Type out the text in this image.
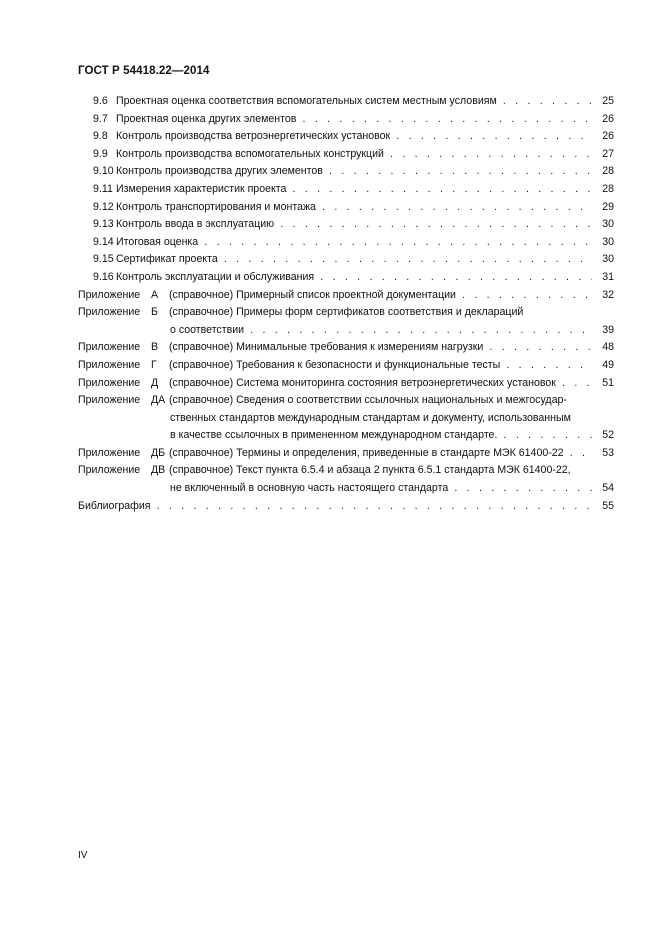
ГОСТ Р 54418.22—2014
9.6 Проектная оценка соответствия вспомогательных систем местным условиям . . .	25
9.7 Проектная оценка других элементов . . .	26
9.8 Контроль производства ветроэнергетических установок . . .	26
9.9 Контроль производства вспомогательных конструкций . . .	27
9.10 Контроль производства других элементов . . .	28
9.11 Измерения характеристик проекта . . .	28
9.12 Контроль транспортирования и монтажа . . .	29
9.13 Контроль ввода в эксплуатацию . . .	30
9.14 Итоговая оценка . . .	30
9.15 Сертификат проекта . . .	30
9.16 Контроль эксплуатации и обслуживания . . .	31
Приложение А (справочное) Примерный список проектной документации . . .	32
Приложение Б (справочное) Примеры форм сертификатов соответствия и деклараций
о соответствии . . .	39
Приложение В (справочное) Минимальные требования к измерениям нагрузки . . .	48
Приложение Г (справочное) Требования к безопасности и функциональные тесты . . .	49
Приложение Д (справочное) Система мониторинга состояния ветроэнергетических установок . . .	51
Приложение ДА (справочное) Сведения о соответствии ссылочных национальных и межгосудар-
ственных стандартов международным стандартам и документу, использованным
в качестве ссылочных в примененном международном стандарте. . . .	52
Приложение ДБ (справочное) Термины и определения, приведенные в стандарте МЭК 61400-22 . . .	53
Приложение ДВ (справочное) Текст пункта 6.5.4 и абзаца 2 пункта 6.5.1 стандарта МЭК 61400-22,
не включенный в основную часть настоящего стандарта . . .	54
Библиография . . .	55
IV
